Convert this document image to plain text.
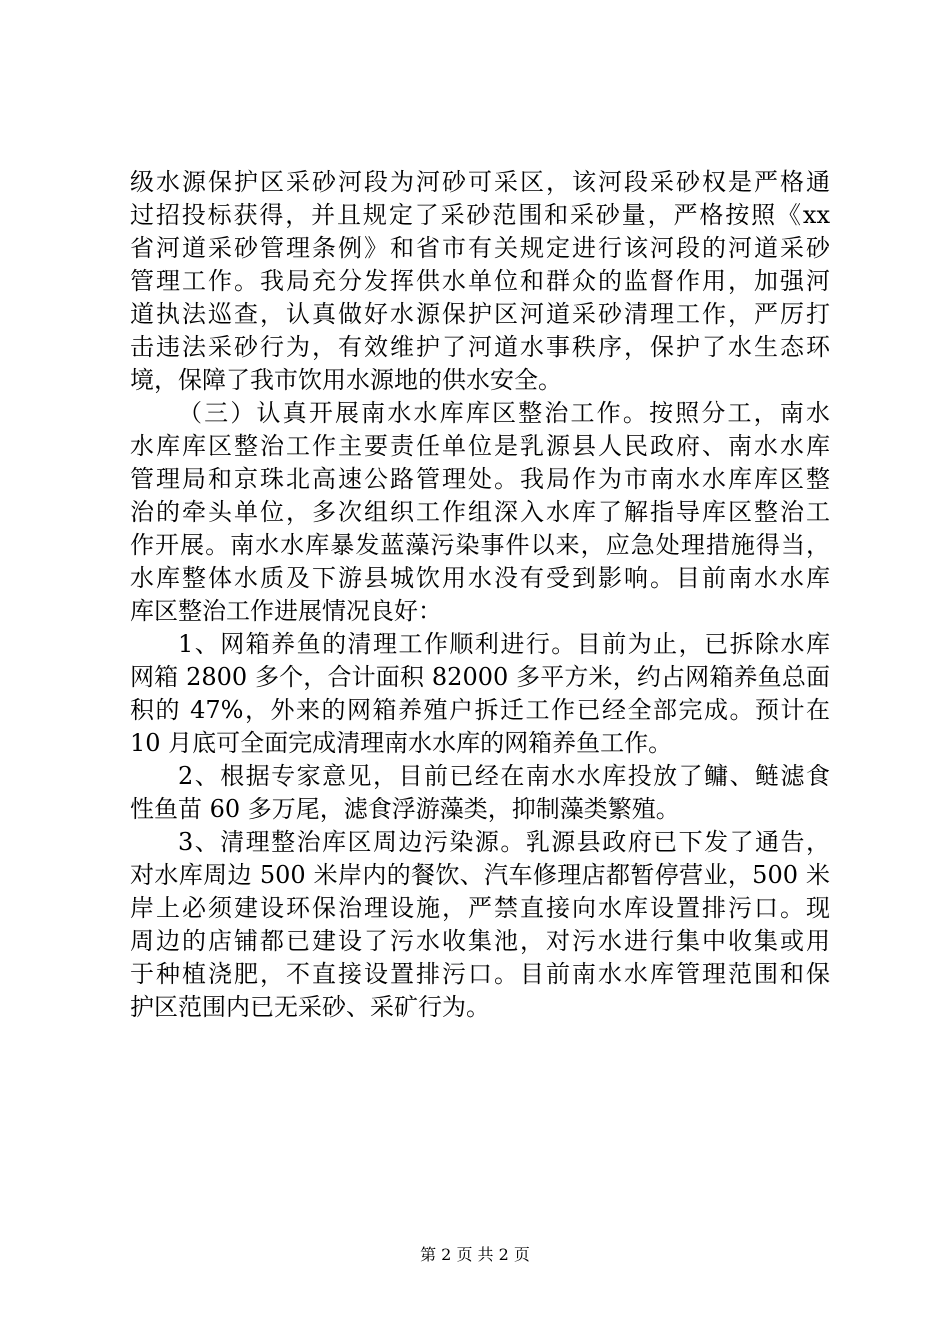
级水源保护区采砂河段为河砂可采区，该河段采砂权是严格通
过招投标获得，并且规定了采砂范围和采砂量，严格按照《xx
省河道采砂管理条例》和省市有关规定进行该河段的河道采砂
管理工作。我局充分发挥供水单位和群众的监督作用，加强河
道执法巡查，认真做好水源保护区河道采砂清理工作，严厉打
击违法采砂行为，有效维护了河道水事秩序，保护了水生态环
境，保障了我市饮用水源地的供水安全。
（三）认真开展南水水库库区整治工作。按照分工，南水
水库库区整治工作主要责任单位是乳源县人民政府、南水水库
管理局和京珠北高速公路管理处。我局作为市南水水库库区整
治的牵头单位，多次组织工作组深入水库了解指导库区整治工
作开展。南水水库暴发蓝藻污染事件以来，应急处理措施得当，
水库整体水质及下游县城饮用水没有受到影响。目前南水水库
库区整治工作进展情况良好：
1、网箱养鱼的清理工作顺利进行。目前为止，已拆除水库
网箱 2800 多个，合计面积 82000 多平方米，约占网箱养鱼总面
积的 47%，外来的网箱养殖户拆迁工作已经全部完成。预计在
10 月底可全面完成清理南水水库的网箱养鱼工作。
2、根据专家意见，目前已经在南水水库投放了鳙、鲢滤食
性鱼苗 60 多万尾，滤食浮游藻类，抑制藻类繁殖。
3、清理整治库区周边污染源。乳源县政府已下发了通告，
对水库周边 500 米岸内的餐饮、汽车修理店都暂停营业，500 米
岸上必须建设环保治理设施，严禁直接向水库设置排污口。现
周边的店铺都已建设了污水收集池，对污水进行集中收集或用
于种植浇肥，不直接设置排污口。目前南水水库管理范围和保
护区范围内已无采砂、采矿行为。
第 2 页 共 2 页
